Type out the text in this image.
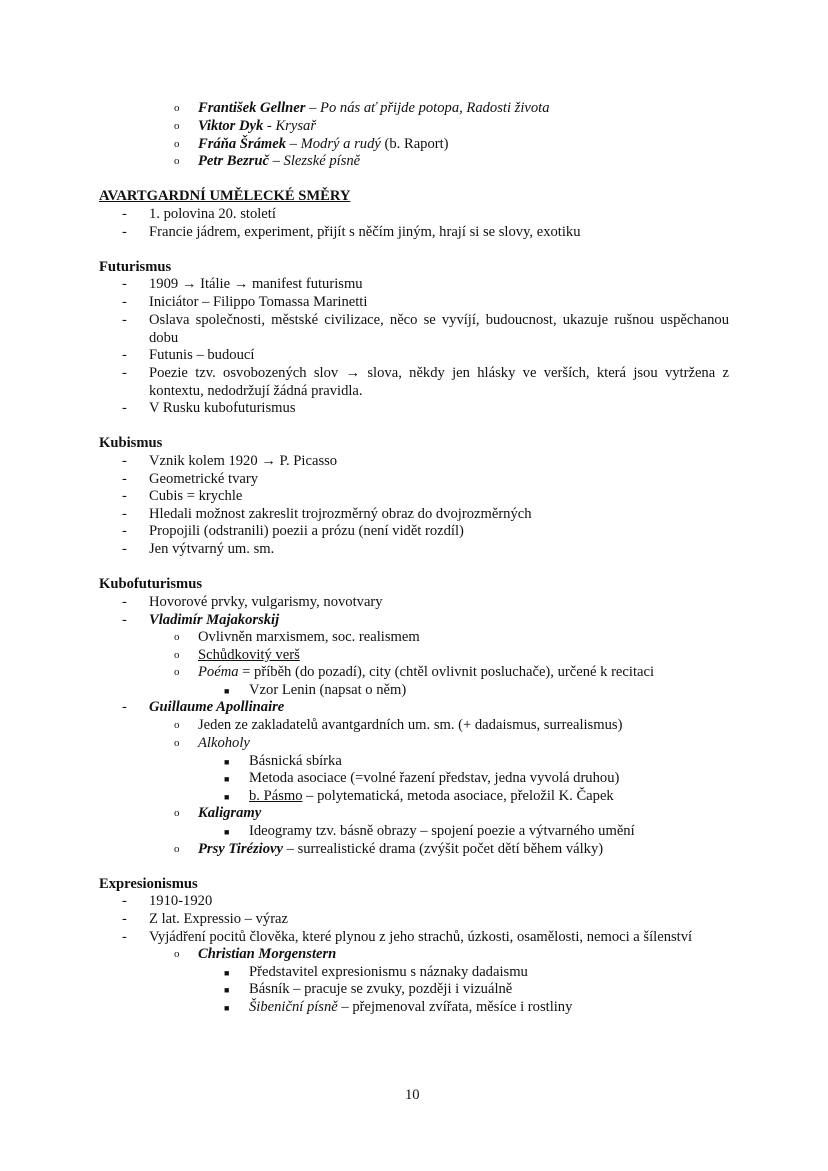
o František Gellner – Po nás ať přijde potopa, Radosti života
o Viktor Dyk - Krysař
o Fráňa Šrámek – Modrý a rudý (b. Raport)
o Petr Bezruč – Slezské písně
AVARTGARDNÍ UMĚLECKÉ SMĚRY
- 1. polovina 20. století
- Francie jádrem, experiment, přijít s něčím jiným, hrají si se slovy, exotiku
Futurismus
- 1909 → Itálie → manifest futurismu
- Iniciátor – Filippo Tomassa Marinetti
- Oslava společnosti, městské civilizace, něco se vyvíjí, budoucnost, ukazuje rušnou uspěchanou dobu
- Futunis – budoucí
- Poezie tzv. osvobozených slov → slova, někdy jen hlásky ve verších, která jsou vytržena z kontextu, nedodržují žádná pravidla.
- V Rusku kubofuturismus
Kubismus
- Vznik kolem 1920 → P. Picasso
- Geometrické tvary
- Cubis = krychle
- Hledali možnost zakreslit trojrozměrný obraz do dvojrozměrných
- Propojili (odstranili) poezii a prózu (není vidět rozdíl)
- Jen výtvarný um. sm.
Kubofuturismus
- Hovorové prvky, vulgarismy, novotvary
- Vladimír Majakorskij
o Ovlivněn marxismem, soc. realismem
o Schůdkovitý verš
o Poéma = příběh (do pozadí), city (chtěl ovlivnit posluchače), určené k recitaci
■ Vzor Lenin (napsat o něm)
- Guillaume Apollinaire
o Jeden ze zakladatelů avantgardních um. sm. (+ dadaismus, surrealismus)
o Alkoholy
■ Básnická sbírka
■ Metoda asociace (=volné řazení představ, jedna vyvolá druhou)
■ b. Pásmo – polytematická, metoda asociace, přeložil K. Čapek
o Kaligramy
■ Ideogramy tzv. básně obrazy – spojení poezie a výtvarného umění
o Prsy Tiréziovy – surrealistické drama (zvýšit počet dětí během války)
Expresionismus
- 1910-1920
- Z lat. Expressio – výraz
- Vyjádření pocitů člověka, které plynou z jeho strachů, úzkosti, osamělosti, nemoci a šílenství
o Christian Morgenstern
■ Představitel expresionismu s náznaky dadaismu
■ Básník – pracuje se zvuky, později i vizuálně
■ Šibeniční písně – přejmenoval zvířata, měsíce i rostliny
10
